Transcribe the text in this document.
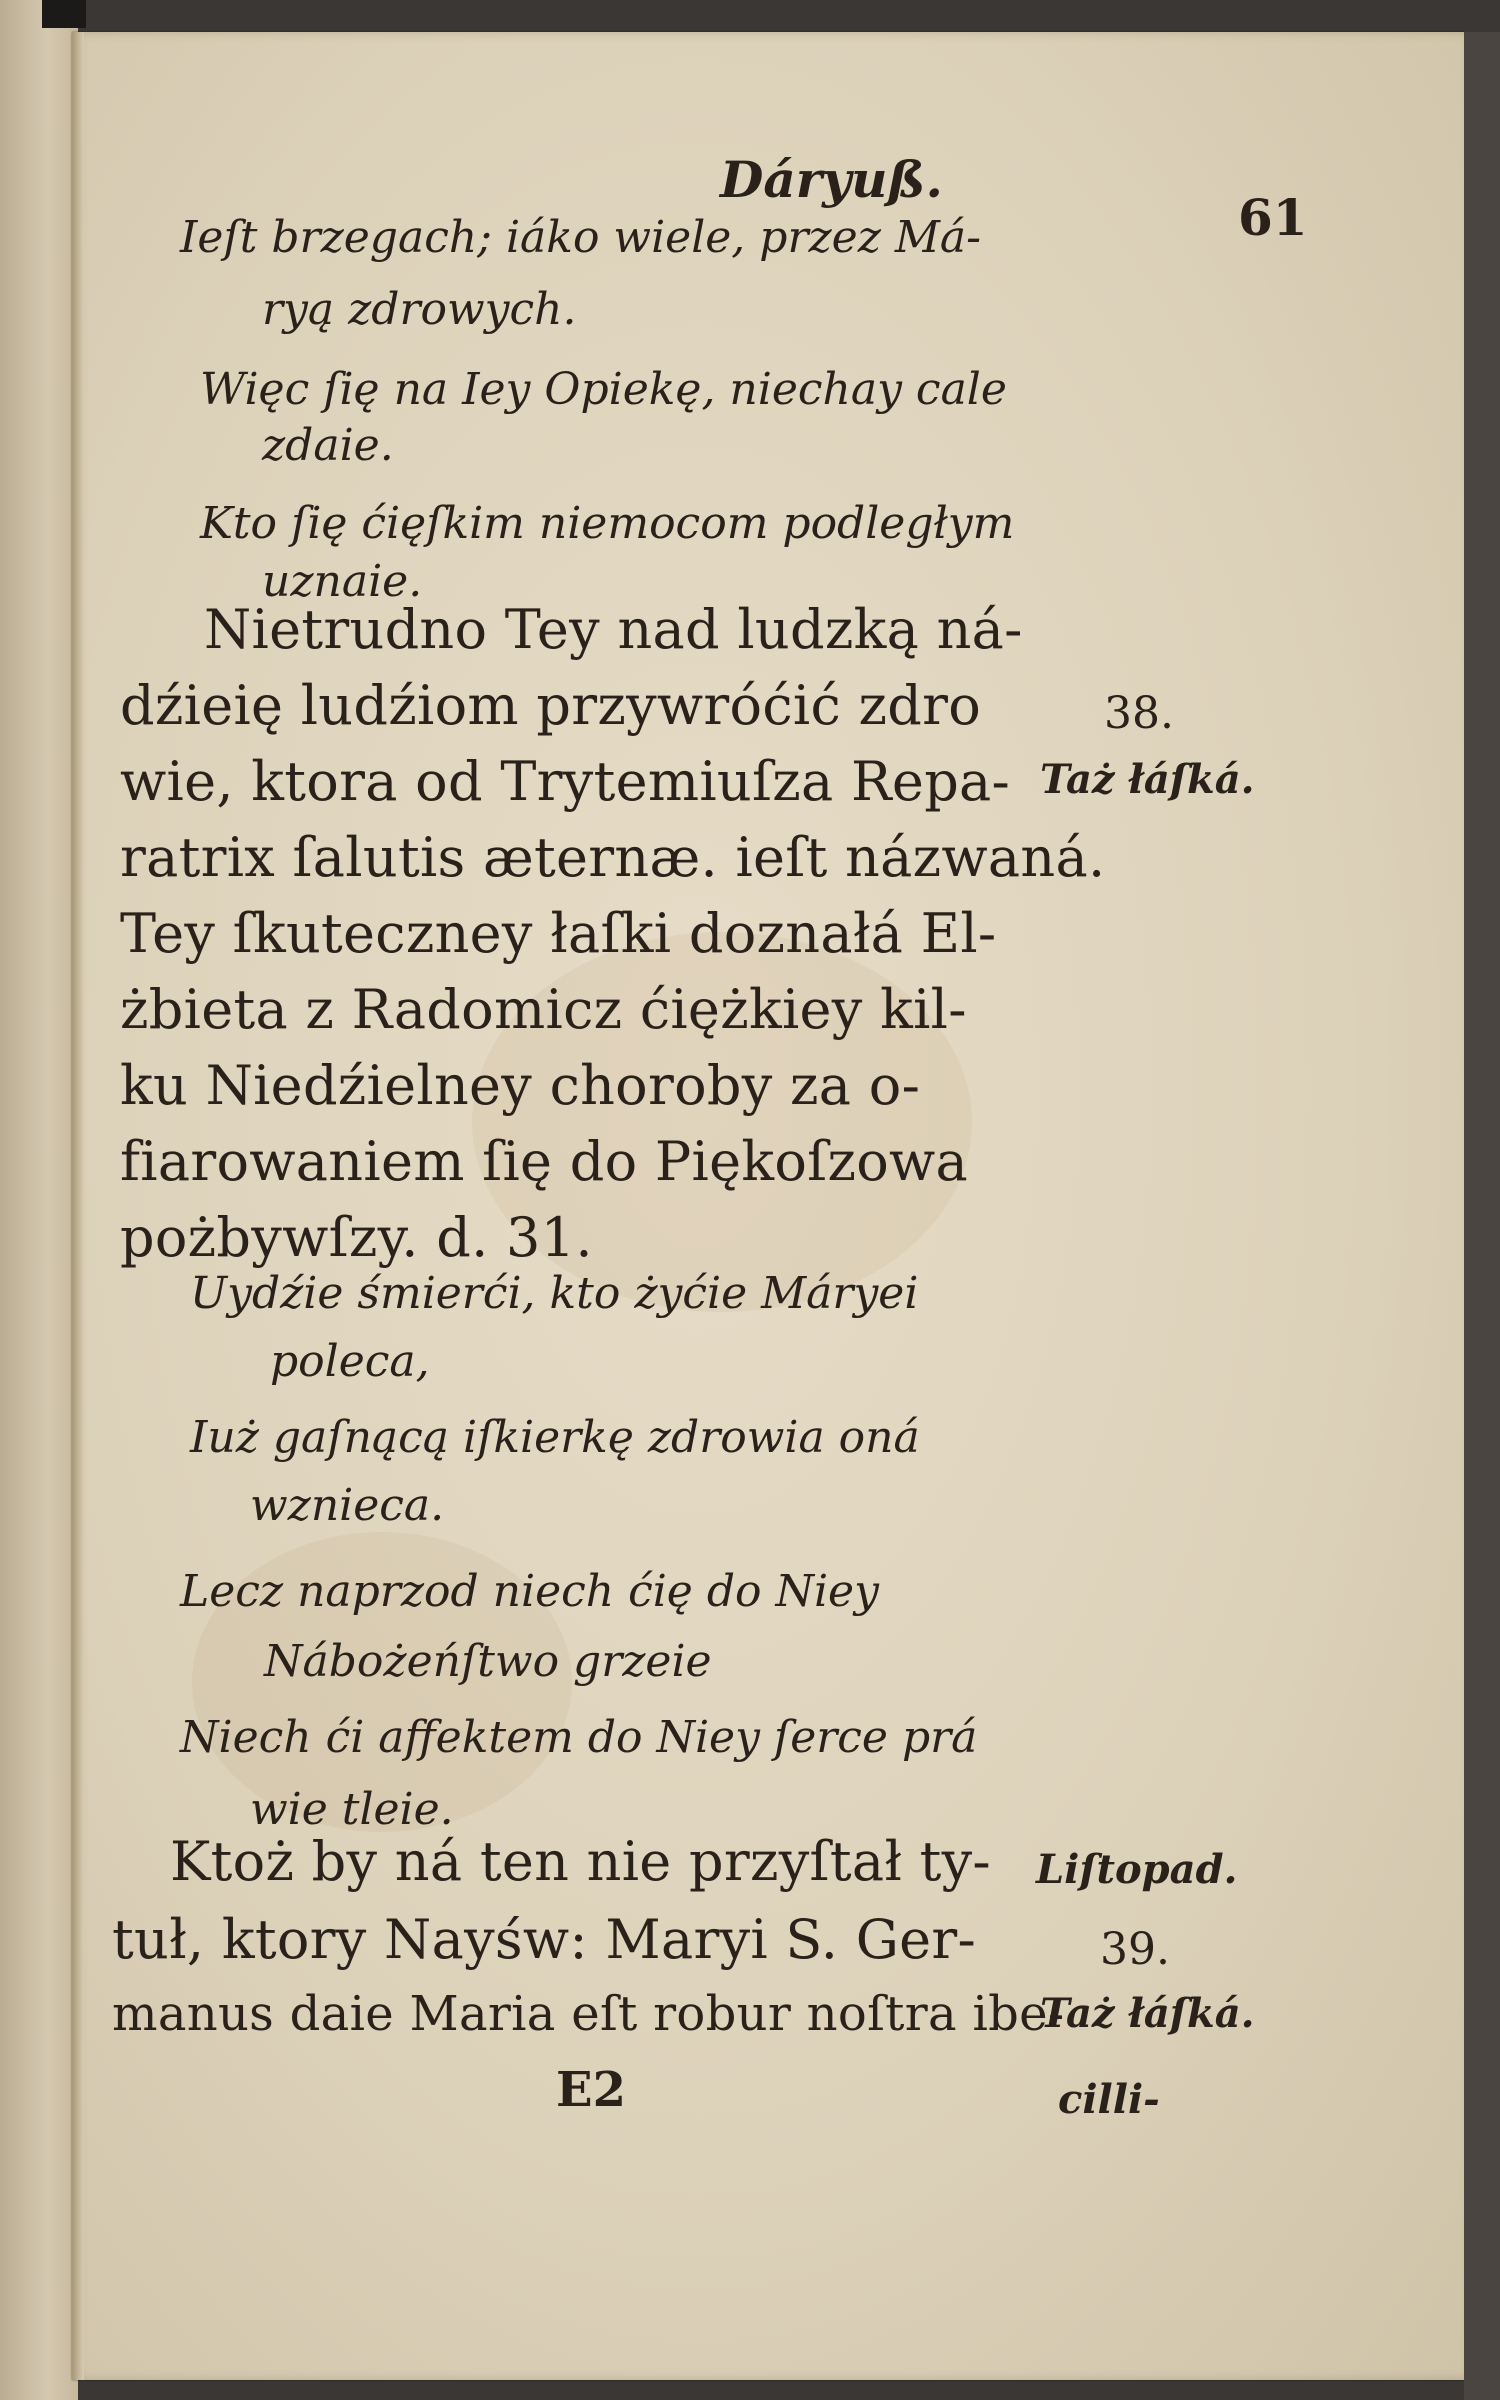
Dáryuß.
61
Ieſt brzegach; iáko wiele, przez Má-
ryą zdrowych.
Więc ſię na Iey Opiekę, niechay cale
zdaie.
Kto ſię ćięſkim niemocom podległym
uznaie.
Nietrudno Tey nad ludzką ná-
dźieię ludźiom przywróćić zdro
wie, ktora od Trytemiuſza Repa-
ratrix ſalutis æternæ. ieſt názwaná.
Tey ſkuteczney łaſki doznałá El-
żbieta z Radomicz ćiężkiey kil-
ku Niedźielney choroby za o-
fiarowaniem ſię do Piękoſzowa
pożbywſzy. d. 31.
Uydźie śmierći, kto żyćie Máryei
poleca,
Iuż gaſnącą iſkierkę zdrowia oná
wznieca.
Lecz naprzod niech ćię do Niey
Nábożeńſtwo grzeie
Niech ći affektem do Niey ſerce prá
wie tleie.
Ktoż by ná ten nie przyſtał ty-
tuł, ktory Nayśw: Maryi S. Ger-
manus daie Maria eſt robur noſtra ibe-
38.
Taż łáſká.
Liſtopad.
39.
Taż łáſká.
E2	cilli-
